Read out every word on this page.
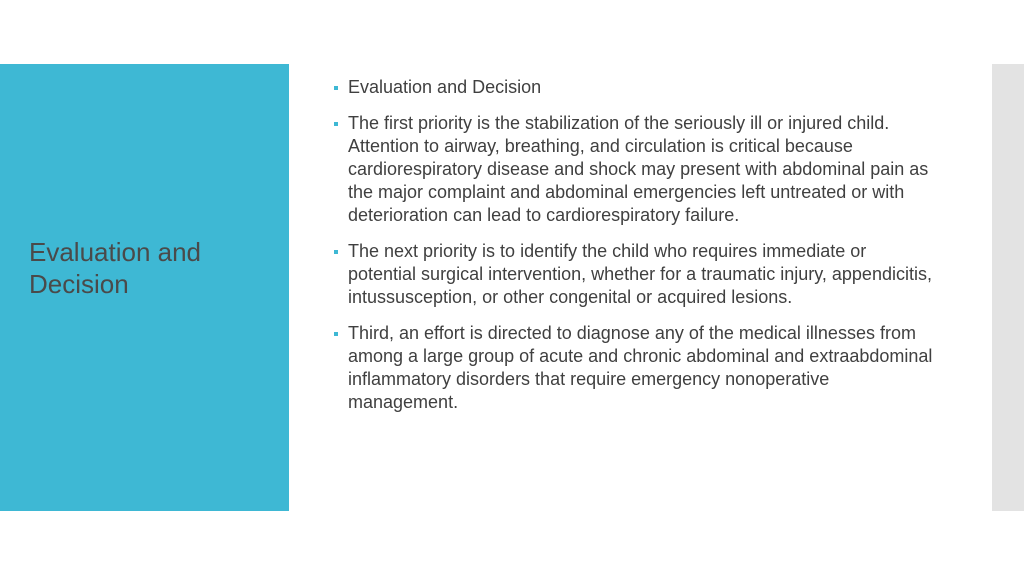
Evaluation and
Decision
Evaluation and Decision
The first priority is the stabilization of the seriously ill or injured child. Attention to airway, breathing, and circulation is critical because cardiorespiratory disease and shock may present with abdominal pain as the major complaint and abdominal emergencies left untreated or with deterioration can lead to cardiorespiratory failure.
The next priority is to identify the child who requires immediate or potential surgical intervention, whether for a traumatic injury, appendicitis, intussusception, or other congenital or acquired lesions.
Third, an effort is directed to diagnose any of the medical illnesses from among a large group of acute and chronic abdominal and extraabdominal inflammatory disorders that require emergency nonoperative management.
